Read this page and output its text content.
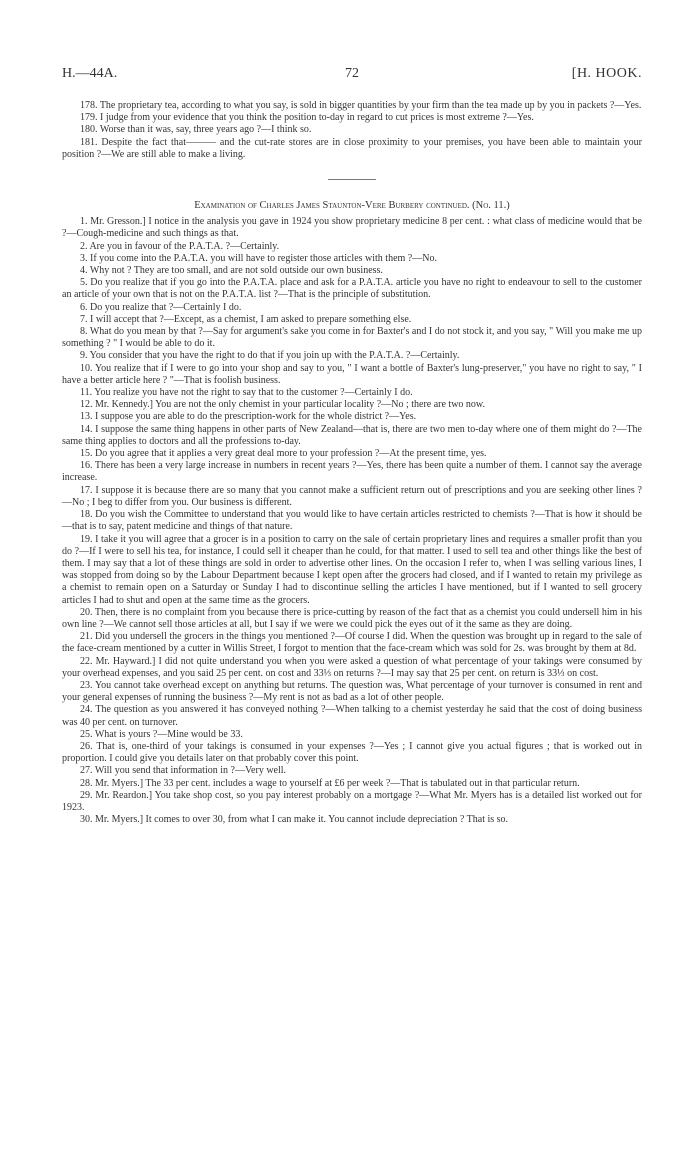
H.—44A.	72	[H. HOOK.

178. The proprietary tea, according to what you say, is sold in bigger quantities by your firm than the tea made up by you in packets ?—Yes.

179. I judge from your evidence that you think the position to-day in regard to cut prices is most extreme ?—Yes.

180. Worse than it was, say, three years ago ?—I think so.

181. Despite the fact that——— and the cut-rate stores are in close proximity to your premises, you have been able to maintain your position ?—We are still able to make a living.

Examination of Charles James Staunton-Vere Burbery continued. (No. 11.)

1. Mr. Gresson.] I notice in the analysis you gave in 1924 you show proprietary medicine 8 per cent. : what class of medicine would that be ?—Cough-medicine and such things as that.

2. Are you in favour of the P.A.T.A. ?—Certainly.

3. If you come into the P.A.T.A. you will have to register those articles with them ?—No.

4. Why not ? They are too small, and are not sold outside our own business.

5. Do you realize that if you go into the P.A.T.A. place and ask for a P.A.T.A. article you have no right to endeavour to sell to the customer an article of your own that is not on the P.A.T.A. list ?—That is the principle of substitution.

6. Do you realize that ?—Certainly I do.

7. I will accept that ?—Except, as a chemist, I am asked to prepare something else.

8. What do you mean by that ?—Say for argument's sake you come in for Baxter's and I do not stock it, and you say, " Will you make me up something ? " I would be able to do it.

9. You consider that you have the right to do that if you join up with the P.A.T.A. ?—Certainly.

10. You realize that if I were to go into your shop and say to you, " I want a bottle of Baxter's lung-preserver," you have no right to say, " I have a better article here ? "—That is foolish business.

11. You realize you have not the right to say that to the customer ?—Certainly I do.

12. Mr. Kennedy.] You are not the only chemist in your particular locality ?—No ; there are two now.

13. I suppose you are able to do the prescription-work for the whole district ?—Yes.

14. I suppose the same thing happens in other parts of New Zealand—that is, there are two men to-day where one of them might do ?—The same thing applies to doctors and all the professions to-day.

15. Do you agree that it applies a very great deal more to your profession ?—At the present time, yes.

16. There has been a very large increase in numbers in recent years ?—Yes, there has been quite a number of them. I cannot say the average increase.

17. I suppose it is because there are so many that you cannot make a sufficient return out of prescriptions and you are seeking other lines ?—No ; I beg to differ from you. Our business is different.

18. Do you wish the Committee to understand that you would like to have certain articles restricted to chemists ?—That is how it should be—that is to say, patent medicine and things of that nature.

19. I take it you will agree that a grocer is in a position to carry on the sale of certain proprietary lines and requires a smaller profit than you do ?—If I were to sell his tea, for instance, I could sell it cheaper than he could, for that matter. I used to sell tea and other things like the best of them. I may say that a lot of these things are sold in order to advertise other lines. On the occasion I refer to, when I was selling various lines, I was stopped from doing so by the Labour Department because I kept open after the grocers had closed, and if I wanted to retain my privilege as a chemist to remain open on a Saturday or Sunday I had to discontinue selling the articles I have mentioned, but if I wanted to sell grocery articles I had to shut and open at the same time as the grocers.

20. Then, there is no complaint from you because there is price-cutting by reason of the fact that as a chemist you could undersell him in his own line ?—We cannot sell those articles at all, but I say if we were we could pick the eyes out of it the same as they are doing.

21. Did you undersell the grocers in the things you mentioned ?—Of course I did. When the question was brought up in regard to the sale of the face-cream mentioned by a cutter in Willis Street, I forgot to mention that the face-cream which was sold for 2s. was brought by them at 8d.

22. Mr. Hayward.] I did not quite understand you when you were asked a question of what percentage of your takings were consumed by your overhead expenses, and you said 25 per cent. on cost and 33⅓ on returns ?—I may say that 25 per cent. on return is 33⅓ on cost.

23. You cannot take overhead except on anything but returns. The question was, What percentage of your turnover is consumed in rent and your general expenses of running the business ?—My rent is not as bad as a lot of other people.

24. The question as you answered it has conveyed nothing ?—When talking to a chemist yesterday he said that the cost of doing business was 40 per cent. on turnover.

25. What is yours ?—Mine would be 33.

26. That is, one-third of your takings is consumed in your expenses ?—Yes ; I cannot give you actual figures ; that is worked out in proportion. I could give you details later on that probably cover this point.

27. Will you send that information in ?—Very well.

28. Mr. Myers.] The 33 per cent. includes a wage to yourself at £6 per week ?—That is tabulated out in that particular return.

29. Mr. Reardon.] You take shop cost, so you pay interest probably on a mortgage ?—What Mr. Myers has is a detailed list worked out for 1923.

30. Mr. Myers.] It comes to over 30, from what I can make it. You cannot include depreciation ? That is so.
